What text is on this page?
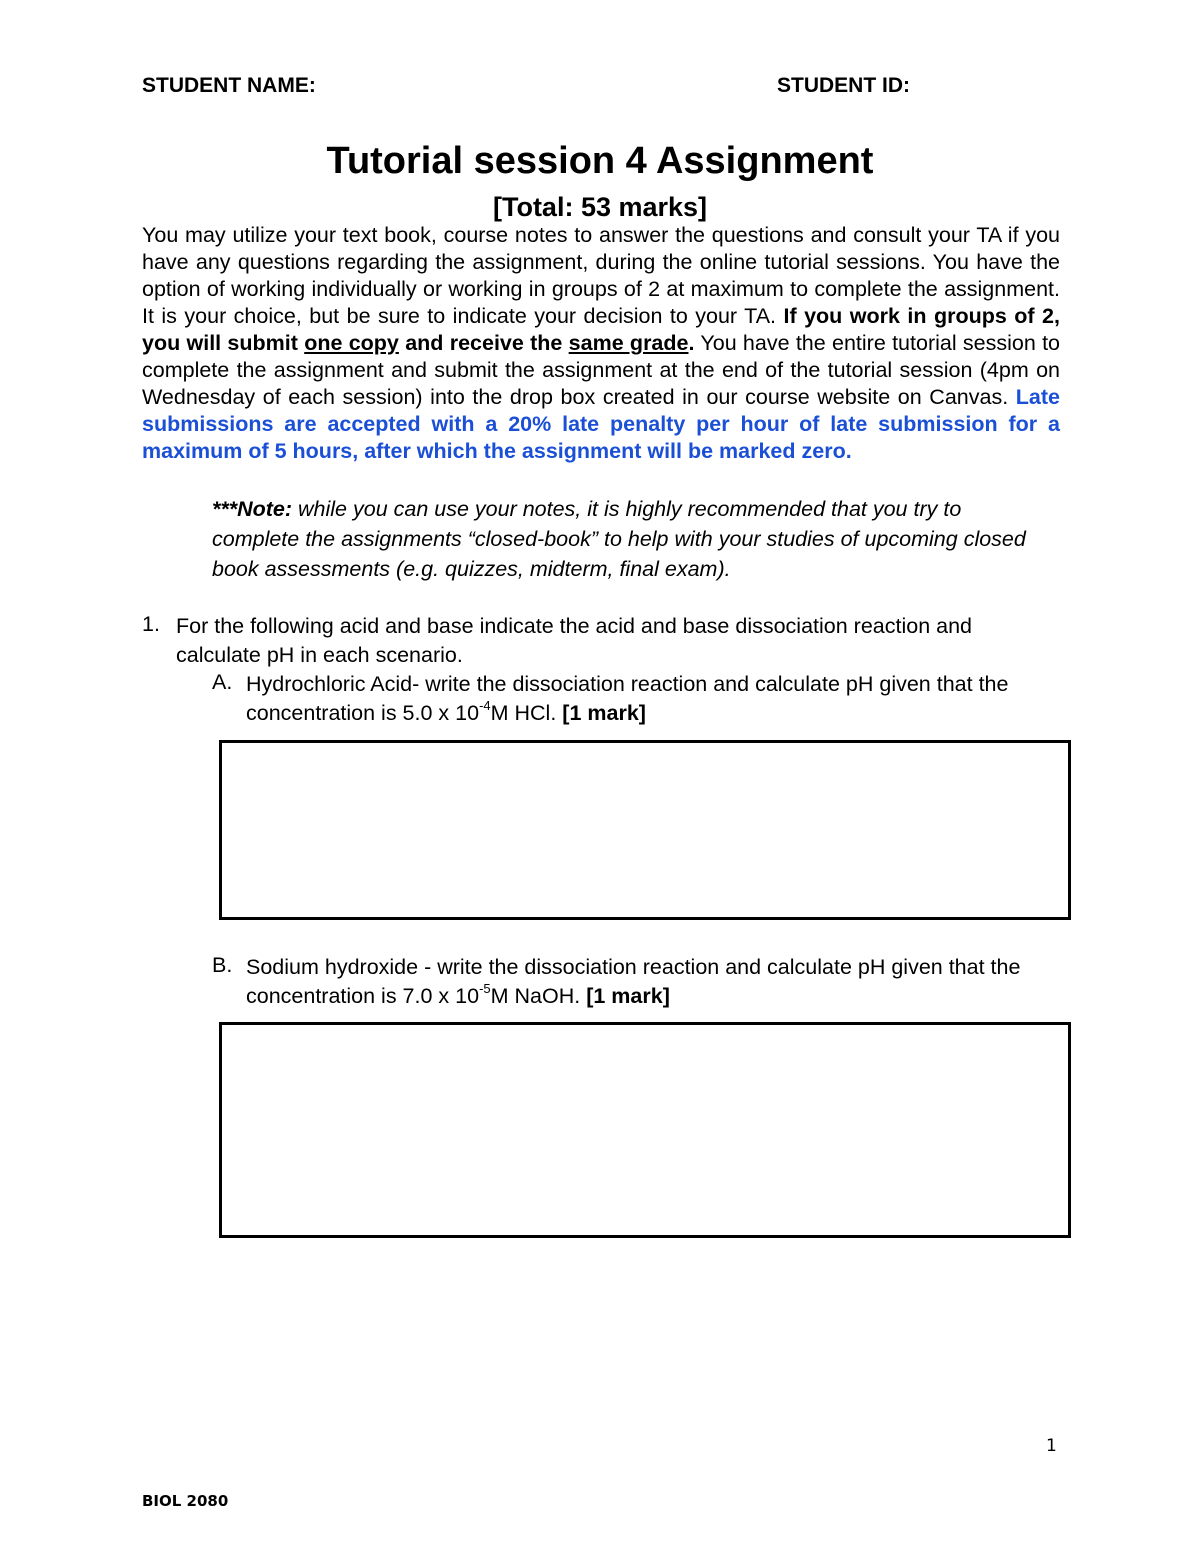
STUDENT NAME:	STUDENT ID:
Tutorial session 4 Assignment
[Total: 53 marks]

You may utilize your text book, course notes to answer the questions and consult your TA if you have any questions regarding the assignment, during the online tutorial sessions. You have the option of working individually or working in groups of 2 at maximum to complete the assignment. It is your choice, but be sure to indicate your decision to your TA. If you work in groups of 2, you will submit one copy and receive the same grade. You have the entire tutorial session to complete the assignment and submit the assignment at the end of the tutorial session (4pm on Wednesday of each session) into the drop box created in our course website on Canvas. Late submissions are accepted with a 20% late penalty per hour of late submission for a maximum of 5 hours, after which the assignment will be marked zero.

***Note: while you can use your notes, it is highly recommended that you try to complete the assignments “closed-book” to help with your studies of upcoming closed book assessments (e.g. quizzes, midterm, final exam).

1. For the following acid and base indicate the acid and base dissociation reaction and calculate pH in each scenario.

A. Hydrochloric Acid- write the dissociation reaction and calculate pH given that the concentration is 5.0 x $10^{-4}M$ HCl. [1 mark]

B. Sodium hydroxide - write the dissociation reaction and calculate pH given that the concentration is 7.0 x $10^{-5}M$ NaOH. [1 mark]

1
BIOL 2080
